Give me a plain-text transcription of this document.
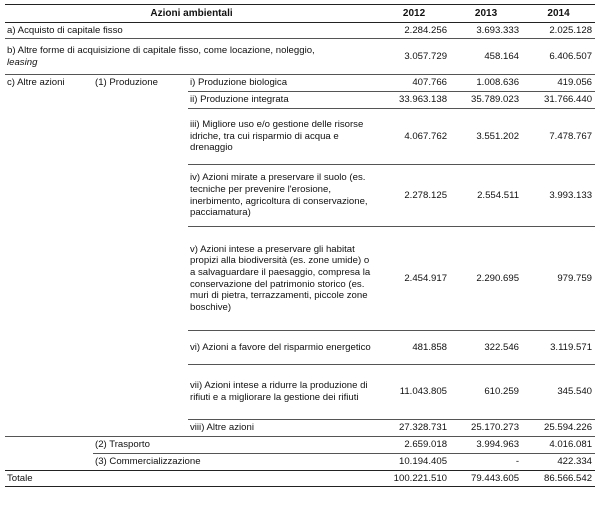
Azioni ambientali			2012	2013	2014
a) Acquisto di capitale fisso			2.284.256	3.693.333	2.025.128
b) Altre forme di acquisizione di capitale fisso, come locazione, noleggio,
leasing			3.057.729	458.164	6.406.507
c) Altre azioni	(1) Produzione	i) Produzione biologica	407.766	1.008.636	419.056
		ii) Produzione integrata	33.963.138	35.789.023	31.766.440
		iii) Migliore uso e/o gestione delle risorse idriche, tra cui risparmio di acqua e drenaggio	4.067.762	3.551.202	7.478.767
		iv) Azioni mirate a preservare il suolo (es. tecniche per prevenire l'erosione, inerbimento, agricoltura di conservazione, pacciamatura)	2.278.125	2.554.511	3.993.133
		v) Azioni intese a preservare gli habitat propizi alla biodiversità (es. zone umide) o a salvaguardare il paesaggio, compresa la conservazione del patrimonio storico (es. muri di pietra, terrazzamenti, piccole zone boschive)	2.454.917	2.290.695	979.759
		vi) Azioni a favore del risparmio energetico	481.858	322.546	3.119.571
		vii) Azioni intese a ridurre la produzione di rifiuti e a migliorare la gestione dei rifiuti	11.043.805	610.259	345.540
		viii) Altre azioni	27.328.731	25.170.273	25.594.226
	(2) Trasporto		2.659.018	3.994.963	4.016.081
	(3) Commercializzazione		10.194.405	-	422.334
Totale			100.221.510	79.443.605	86.566.542
